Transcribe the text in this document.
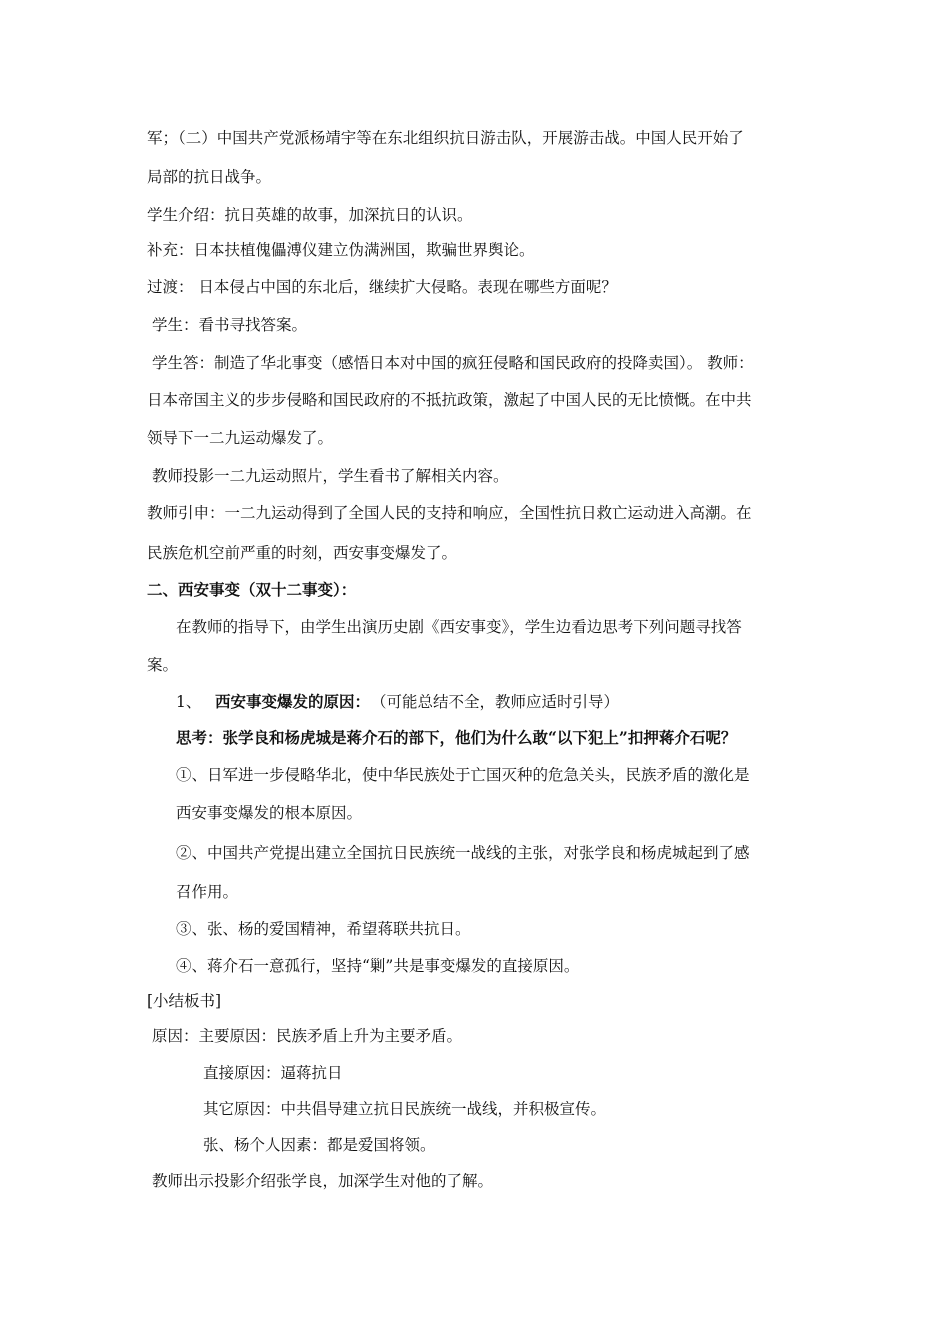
军；（二）中国共产党派杨靖宇等在东北组织抗日游击队，开展游击战。中国人民开始了
局部的抗日战争。
学生介绍：抗日英雄的故事，加深抗日的认识。
补充：日本扶植傀儡溥仪建立伪满洲国，欺骗世界舆论。
过渡： 日本侵占中国的东北后，继续扩大侵略。表现在哪些方面呢？
学生：看书寻找答案。
学生答：制造了华北事变（感悟日本对中国的疯狂侵略和国民政府的投降卖国）。 教师：
日本帝国主义的步步侵略和国民政府的不抵抗政策，激起了中国人民的无比愤慨。在中共
领导下一二九运动爆发了。
教师投影一二九运动照片，学生看书了解相关内容。
教师引申：一二九运动得到了全国人民的支持和响应，全国性抗日救亡运动进入高潮。在
民族危机空前严重的时刻，西安事变爆发了。
二、西安事变（双十二事变）：
在教师的指导下，由学生出演历史剧《西安事变》，学生边看边思考下列问题寻找答
案。
1、 西安事变爆发的原因： （可能总结不全，教师应适时引导）
思考：张学良和杨虎城是蒋介石的部下，他们为什么敢“以下犯上”扣押蒋介石呢？
①、日军进一步侵略华北，使中华民族处于亡国灭种的危急关头，民族矛盾的激化是
西安事变爆发的根本原因。
②、中国共产党提出建立全国抗日民族统一战线的主张，对张学良和杨虎城起到了感
召作用。
③、张、杨的爱国精神，希望蒋联共抗日。
④、蒋介石一意孤行，坚持“剿”共是事变爆发的直接原因。
[小结板书]
原因：主要原因：民族矛盾上升为主要矛盾。
直接原因：逼蒋抗日
其它原因：中共倡导建立抗日民族统一战线，并积极宣传。
张、杨个人因素：都是爱国将领。
教师出示投影介绍张学良，加深学生对他的了解。
